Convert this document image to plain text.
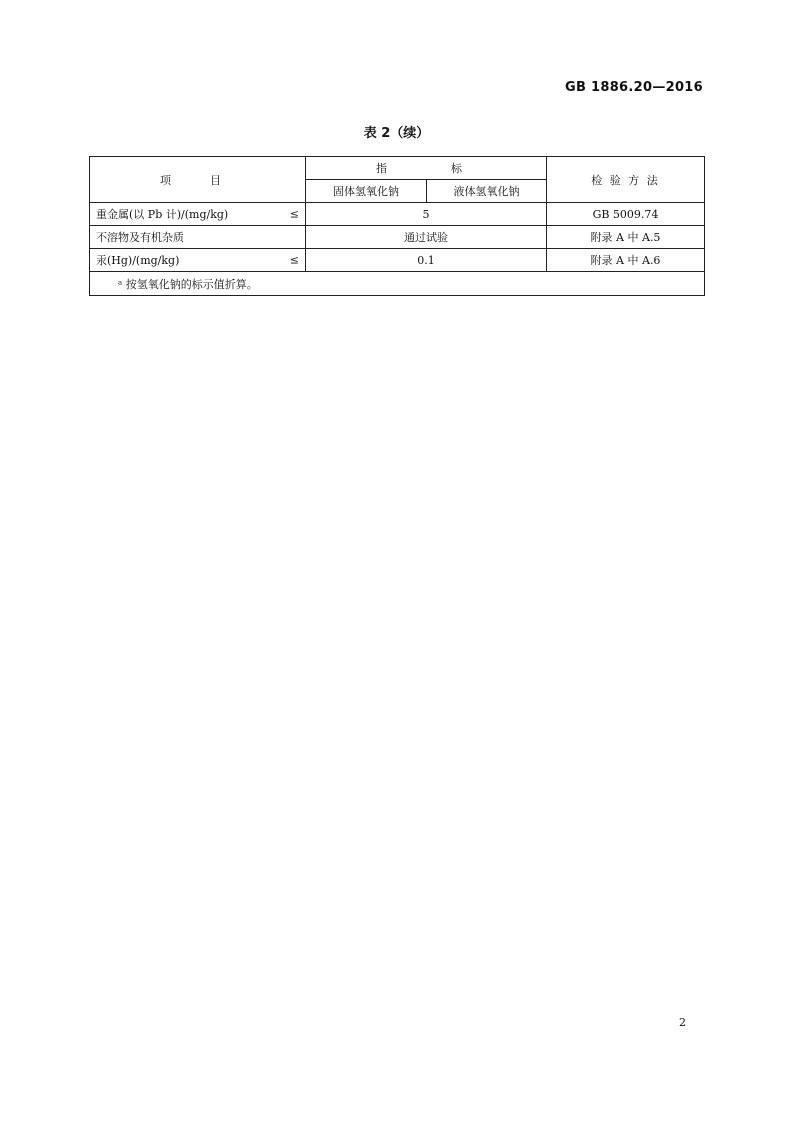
GB 1886.20—2016
表 2（续）
项　目	指　　标		检 验 方 法
	固体氢氧化钠	液体氢氧化钠	
重金属(以 Pb 计)/(mg/kg) ≤	5		GB 5009.74
不溶物及有机杂质	通过试验		附录 A 中 A.5
汞(Hg)/(mg/kg) ≤	0.1		附录 A 中 A.6
ᵃ 按氢氧化钠的标示值折算。			
2
